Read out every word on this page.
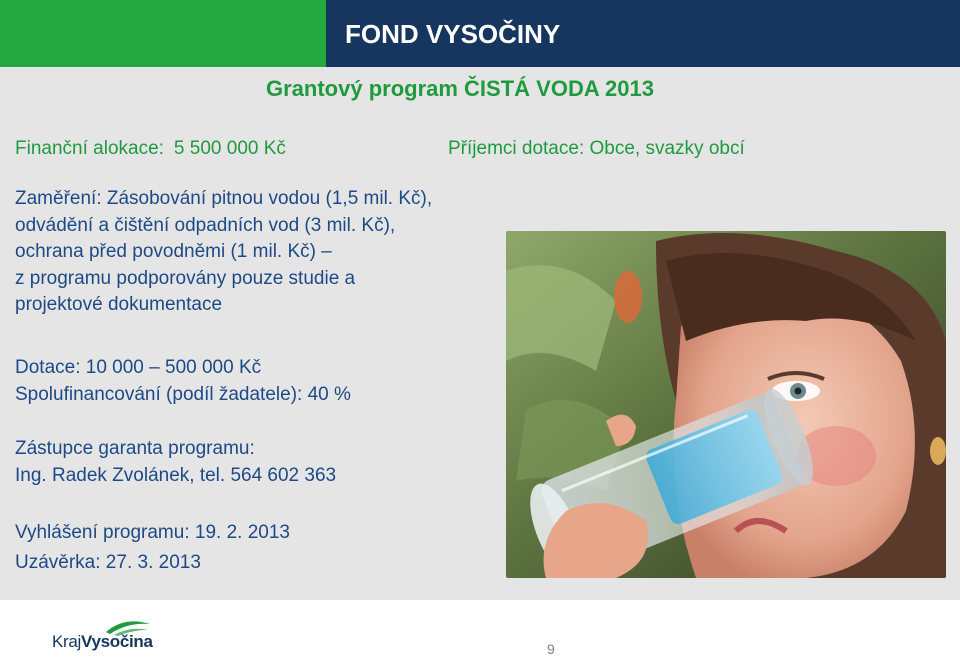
FOND VYSOČINY
Grantový program ČISTÁ VODA 2013
Finanční alokace: 5 500 000 Kč	Příjemci dotace: Obce, svazky obcí
Zaměření: Zásobování pitnou vodou (1,5 mil. Kč),
odvádění a čištění odpadních vod (3 mil. Kč),
ochrana před povodněmi (1 mil. Kč) –
z programu podporovány pouze studie a
projektové dokumentace
Dotace: 10 000 – 500 000 Kč
Spolufinancování (podíl žadatele): 40 %
Zástupce garanta programu:
Ing. Radek Zvolánek, tel. 564 602 363
Vyhlášení programu: 19. 2. 2013
Uzávěrka: 27. 3. 2013
KrajVysočina	9
